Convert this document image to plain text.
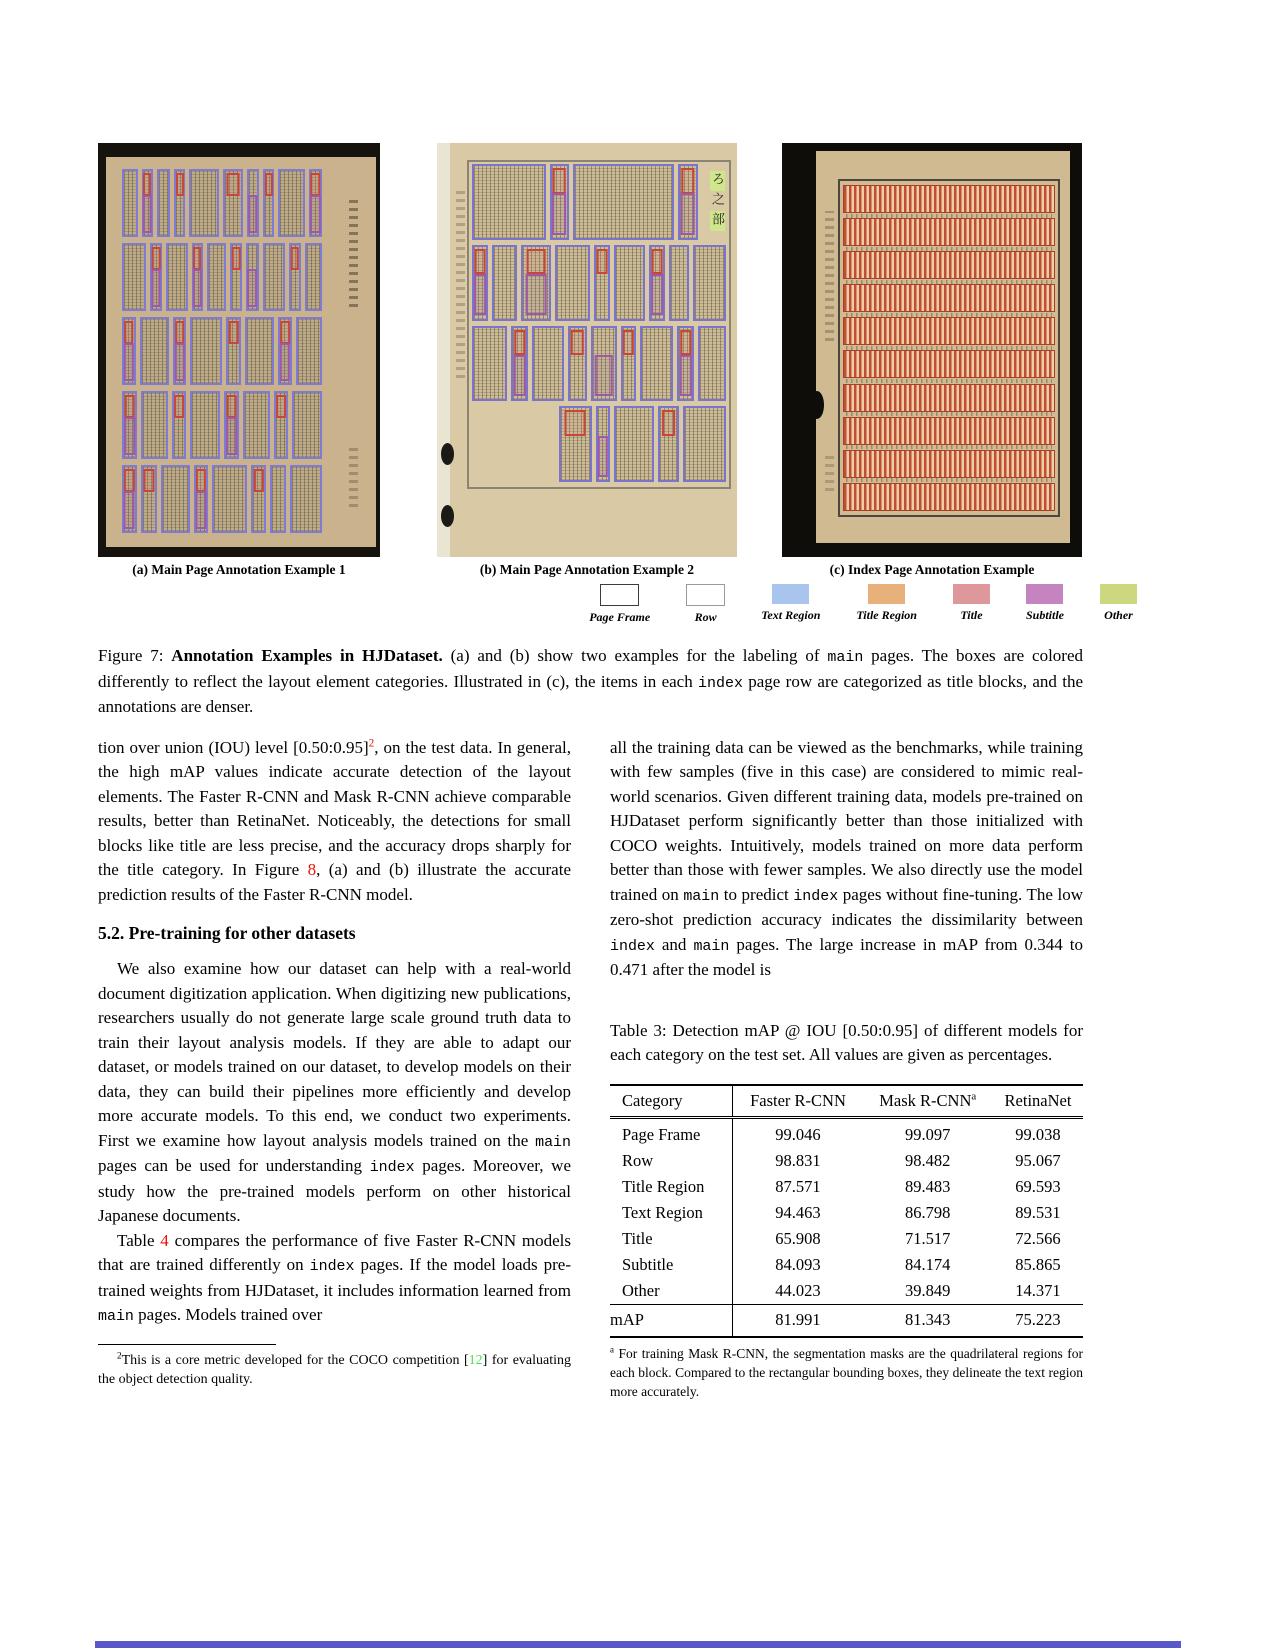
ろ之部
(a) Main Page Annotation Example 1	(b) Main Page Annotation Example 2	(c) Index Page Annotation Example
Page Frame	Row	Text Region	Title Region	Title	Subtitle	Other
Figure 7: Annotation Examples in HJDataset. (a) and (b) show two examples for the labeling of main pages. The boxes are colored differently to reflect the layout element categories. Illustrated in (c), the items in each index page row are categorized as title blocks, and the annotations are denser.

tion over union (IOU) level [0.50:0.95]$^2$, on the test data. In general, the high mAP values indicate accurate detection of the layout elements. The Faster R-CNN and Mask R-CNN achieve comparable results, better than RetinaNet. Noticeably, the detections for small blocks like title are less precise, and the accuracy drops sharply for the title category. In Figure 8, (a) and (b) illustrate the accurate prediction results of the Faster R-CNN model.

5.2. Pre-training for other datasets

We also examine how our dataset can help with a real-world document digitization application. When digitizing new publications, researchers usually do not generate large scale ground truth data to train their layout analysis models. If they are able to adapt our dataset, or models trained on our dataset, to develop models on their data, they can build their pipelines more efficiently and develop more accurate models. To this end, we conduct two experiments. First we examine how layout analysis models trained on the main pages can be used for understanding index pages. Moreover, we study how the pre-trained models perform on other historical Japanese documents.

Table 4 compares the performance of five Faster R-CNN models that are trained differently on index pages. If the model loads pre-trained weights from HJDataset, it includes information learned from main pages. Models trained over

$^2$This is a core metric developed for the COCO competition [12] for evaluating the object detection quality.

all the training data can be viewed as the benchmarks, while training with few samples (five in this case) are considered to mimic real-world scenarios. Given different training data, models pre-trained on HJDataset perform significantly better than those initialized with COCO weights. Intuitively, models trained on more data perform better than those with fewer samples. We also directly use the model trained on main to predict index pages without fine-tuning. The low zero-shot prediction accuracy indicates the dissimilarity between index and main pages. The large increase in mAP from 0.344 to 0.471 after the model is

Table 3: Detection mAP @ IOU [0.50:0.95] of different models for each category on the test set. All values are given as percentages.

Category	Faster R-CNN	Mask R-CNN$^a$	RetinaNet
Page Frame	99.046	99.097	99.038
Row	98.831	98.482	95.067
Title Region	87.571	89.483	69.593
Text Region	94.463	86.798	89.531
Title	65.908	71.517	72.566
Subtitle	84.093	84.174	85.865
Other	44.023	39.849	14.371
mAP	81.991	81.343	75.223

$^a$ For training Mask R-CNN, the segmentation masks are the quadrilateral regions for each block. Compared to the rectangular bounding boxes, they delineate the text region more accurately.
